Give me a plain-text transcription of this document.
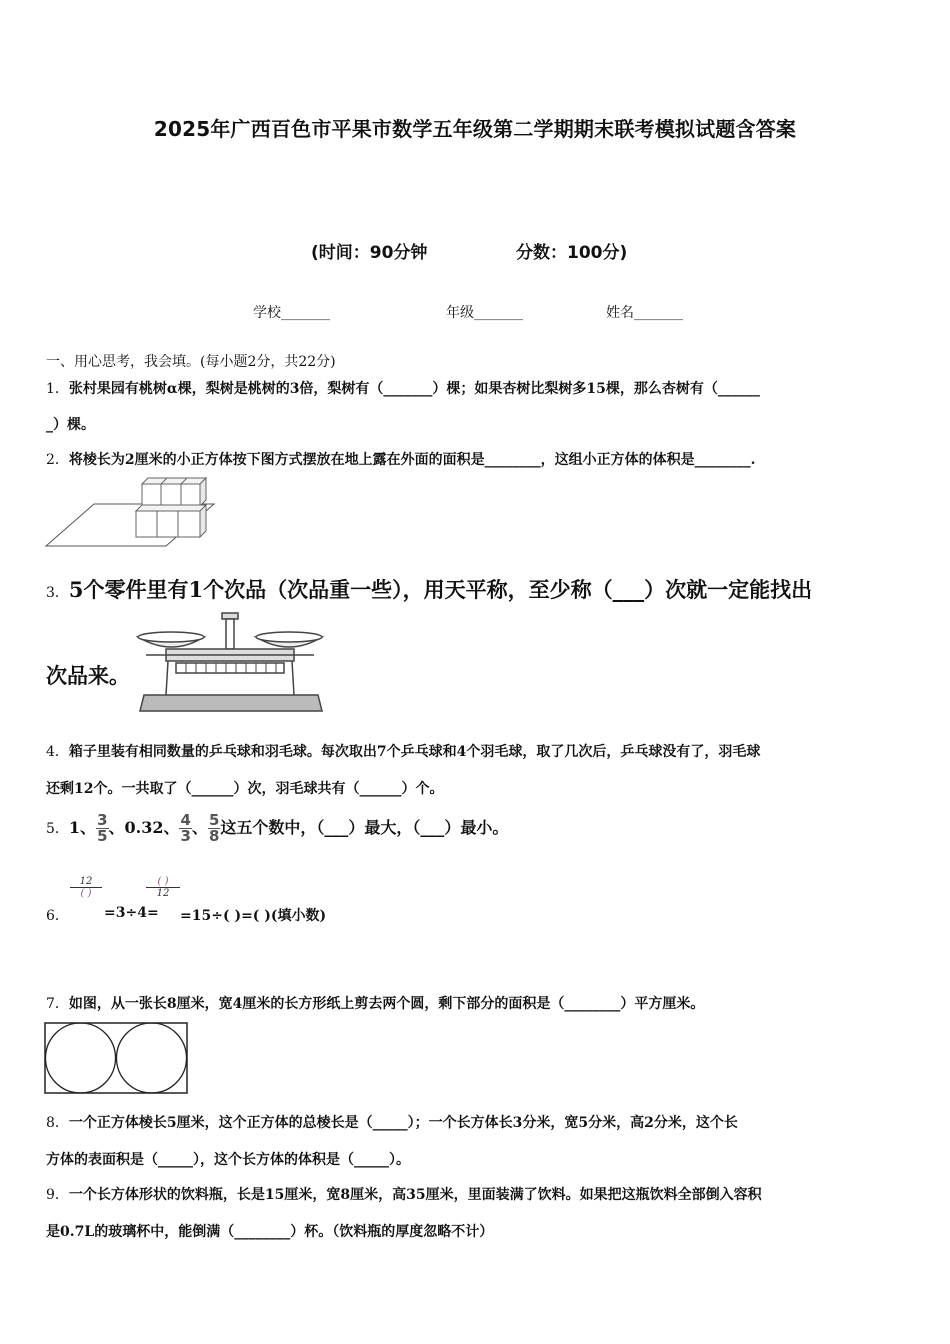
2025年广西百色市平果市数学五年级第二学期期末联考模拟试题含答案
(时间：90分钟	分数：100分)
学校_______	年级_______	姓名_______
一、用心思考，我会填。(每小题2分，共22分)
1．张村果园有桃树α棵，梨树是桃树的3倍，梨树有（_______）棵；如果杏树比梨树多15棵，那么杏树有（______
_）棵。
2．将棱长为2厘米的小正方体按下图方式摆放在地上露在外面的面积是________，这组小正方体的体积是________.
3．5个零件里有1个次品（次品重一些），用天平称，至少称（___）次就一定能找出
次品来。
4．箱子里装有相同数量的乒乓球和羽毛球。每次取出7个乒乓球和4个羽毛球，取了几次后，乒乓球没有了，羽毛球
还剩12个。一共取了（______）次，羽毛球共有（______）个。
5．1、 $\frac{3}{5}$ 、0.32、 $\frac{4}{3}$ 、 $\frac{5}{8}$ 这五个数中，（___）最大，（___）最小。
6．
12
( )
=3÷4=
( )
12
=15÷( )=( )(填小数)
7．如图，从一张长8厘米，宽4厘米的长方形纸上剪去两个圆，剩下部分的面积是（________）平方厘米。
8．一个正方体棱长5厘米，这个正方体的总棱长是（_____）；一个长方体长3分米，宽5分米，高2分米，这个长
方体的表面积是（_____），这个长方体的体积是（_____）。
9．一个长方体形状的饮料瓶，长是15厘米，宽8厘米，高35厘米，里面装满了饮料。如果把这瓶饮料全部倒入容积
是0.7L的玻璃杯中，能倒满（________）杯。（饮料瓶的厚度忽略不计）
